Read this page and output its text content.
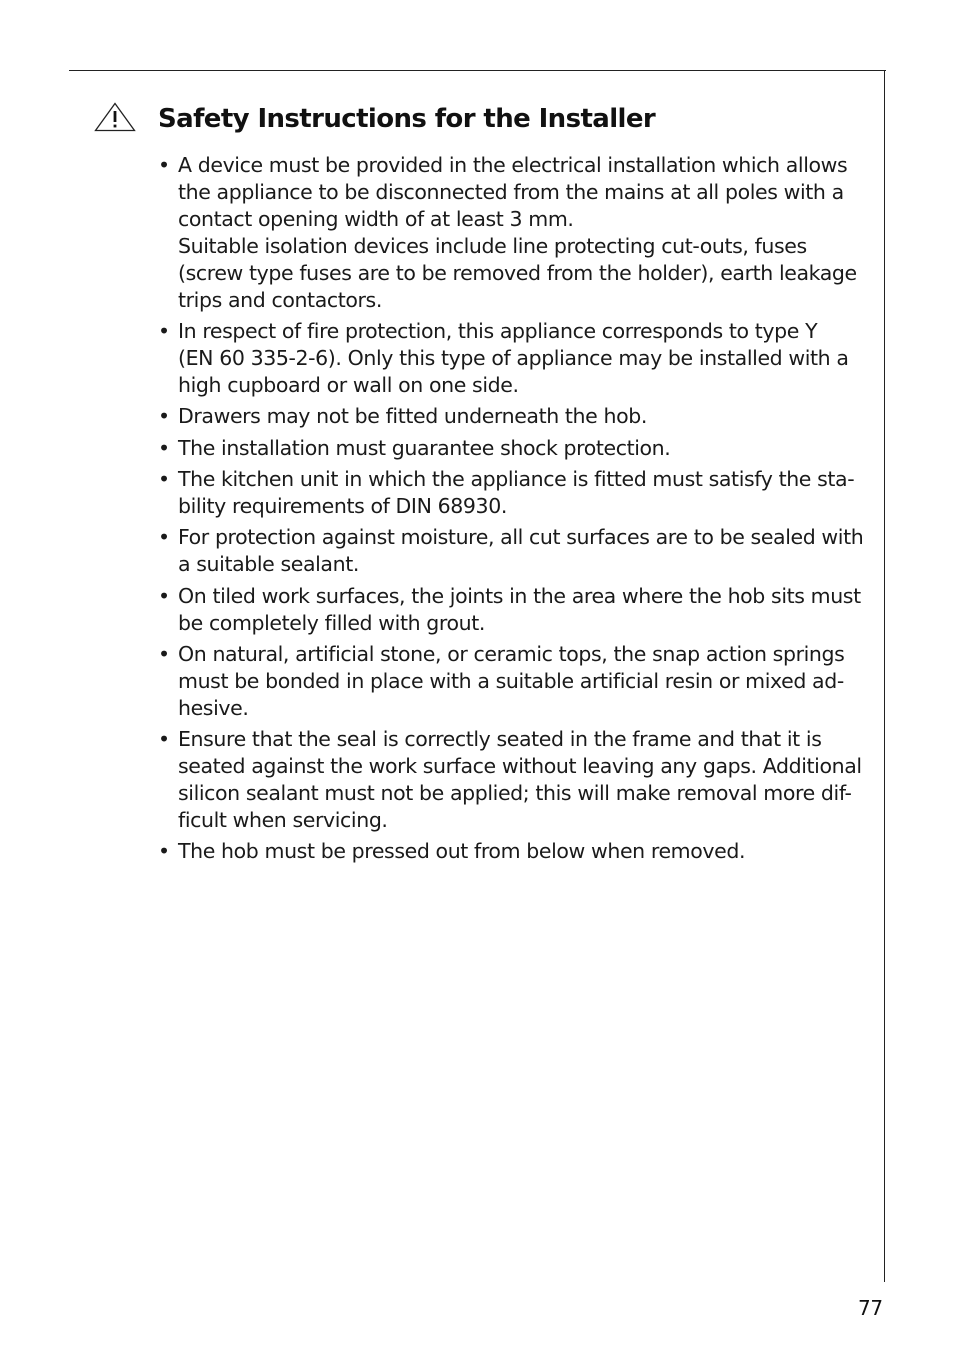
Safety Instructions for the Installer
• A device must be provided in the electrical installation which allows
the appliance to be disconnected from the mains at all poles with a
contact opening width of at least 3 mm.
Suitable isolation devices include line protecting cut-outs, fuses
(screw type fuses are to be removed from the holder), earth leakage
trips and contactors.
• In respect of fire protection, this appliance corresponds to type Y
(EN 60 335-2-6). Only this type of appliance may be installed with a
high cupboard or wall on one side.
• Drawers may not be fitted underneath the hob.
• The installation must guarantee shock protection.
• The kitchen unit in which the appliance is fitted must satisfy the sta-
bility requirements of DIN 68930.
• For protection against moisture, all cut surfaces are to be sealed with
a suitable sealant.
• On tiled work surfaces, the joints in the area where the hob sits must
be completely filled with grout.
• On natural, artificial stone, or ceramic tops, the snap action springs
must be bonded in place with a suitable artificial resin or mixed ad-
hesive.
• Ensure that the seal is correctly seated in the frame and that it is
seated against the work surface without leaving any gaps. Additional
silicon sealant must not be applied; this will make removal more dif-
ficult when servicing.
• The hob must be pressed out from below when removed.
77
